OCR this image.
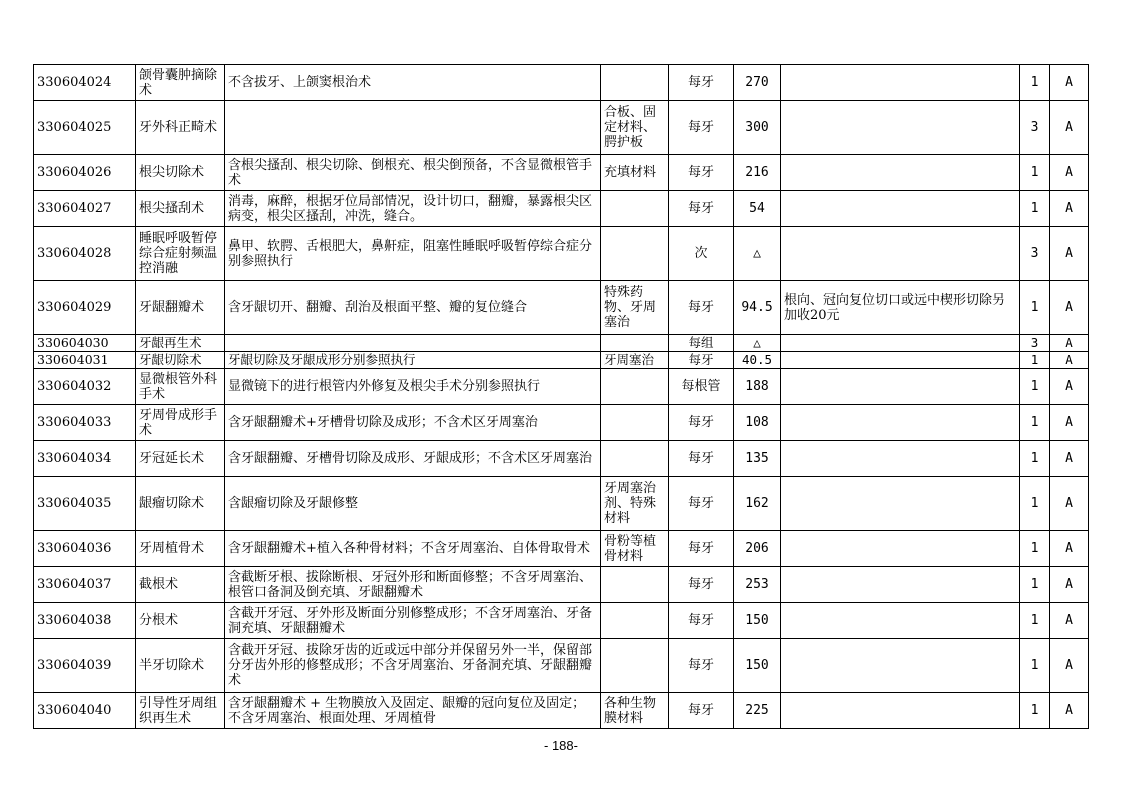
330604024	颌骨囊肿摘除术	不含拔牙、上颌窦根治术		每牙	270		1	A
330604025	牙外科正畸术		合板、固定材料、腭护板	每牙	300		3	A
330604026	根尖切除术	含根尖搔刮、根尖切除、倒根充、根尖倒预备，不含显微根管手术	充填材料	每牙	216		1	A
330604027	根尖搔刮术	消毒，麻醉，根据牙位局部情况，设计切口，翻瓣，暴露根尖区病变，根尖区搔刮，冲洗，缝合。		每牙	54		1	A
330604028	睡眠呼吸暂停综合症射频温控消融	鼻甲、软腭、舌根肥大，鼻鼾症，阻塞性睡眠呼吸暂停综合症分别参照执行		次	△		3	A
330604029	牙龈翻瓣术	含牙龈切开、翻瓣、刮治及根面平整、瓣的复位缝合	特殊药物、牙周塞治	每牙	94.5	根向、冠向复位切口或远中楔形切除另加收20元	1	A
330604030	牙龈再生术			每组	△		3	A
330604031	牙龈切除术	牙龈切除及牙龈成形分别参照执行	牙周塞治	每牙	40.5		1	A
330604032	显微根管外科手术	显微镜下的进行根管内外修复及根尖手术分别参照执行		每根管	188		1	A
330604033	牙周骨成形手术	含牙龈翻瓣术+牙槽骨切除及成形；不含术区牙周塞治		每牙	108		1	A
330604034	牙冠延长术	含牙龈翻瓣、牙槽骨切除及成形、牙龈成形；不含术区牙周塞治		每牙	135		1	A
330604035	龈瘤切除术	含龈瘤切除及牙龈修整	牙周塞治剂、特殊材料	每牙	162		1	A
330604036	牙周植骨术	含牙龈翻瓣术+植入各种骨材料；不含牙周塞治、自体骨取骨术	骨粉等植骨材料	每牙	206		1	A
330604037	截根术	含截断牙根、拔除断根、牙冠外形和断面修整；不含牙周塞治、根管口备洞及倒充填、牙龈翻瓣术		每牙	253		1	A
330604038	分根术	含截开牙冠、牙外形及断面分别修整成形；不含牙周塞治、牙备洞充填、牙龈翻瓣术		每牙	150		1	A
330604039	半牙切除术	含截开牙冠、拔除牙齿的近或远中部分并保留另外一半，保留部分牙齿外形的修整成形；不含牙周塞治、牙备洞充填、牙龈翻瓣术		每牙	150		1	A
330604040	引导性牙周组织再生术	含牙龈翻瓣术 + 生物膜放入及固定、龈瓣的冠向复位及固定；不含牙周塞治、根面处理、牙周植骨	各种生物膜材料	每牙	225		1	A
- 188-
